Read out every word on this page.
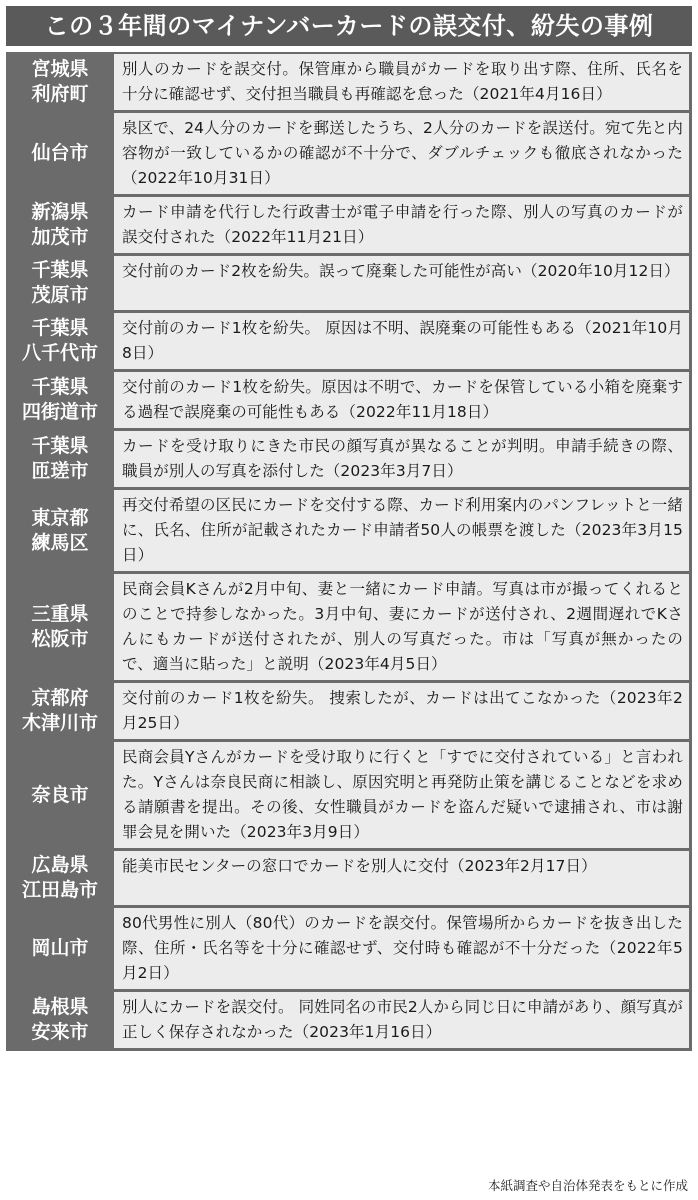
この３年間のマイナンバーカードの誤交付、紛失の事例
宮城県
利府町
別人のカードを誤交付。保管庫から職員がカードを取り出す際、住所、氏名を十分に確認せず、交付担当職員も再確認を怠った（2021年4月16日）
仙台市
泉区で、24人分のカードを郵送したうち、2人分のカードを誤送付。宛て先と内容物が一致しているかの確認が不十分で、ダブルチェックも徹底されなかった（2022年10月31日）
新潟県
加茂市
カード申請を代行した行政書士が電子申請を行った際、別人の写真のカードが誤交付された（2022年11月21日）
千葉県
茂原市
交付前のカード2枚を紛失。誤って廃棄した可能性が高い（2020年10月12日）
千葉県
八千代市
交付前のカード1枚を紛失。 原因は不明、誤廃棄の可能性もある（2021年10月8日）
千葉県
四街道市
交付前のカード1枚を紛失。原因は不明で、カードを保管している小箱を廃棄する過程で誤廃棄の可能性もある（2022年11月18日）
千葉県
匝瑳市
カードを受け取りにきた市民の顔写真が異なることが判明。申請手続きの際、職員が別人の写真を添付した（2023年3月7日）
東京都
練馬区
再交付希望の区民にカードを交付する際、カード利用案内のパンフレットと一緒に、氏名、住所が記載されたカード申請者50人の帳票を渡した（2023年3月15日）
三重県
松阪市
民商会員Kさんが2月中旬、妻と一緒にカード申請。写真は市が撮ってくれるとのことで持参しなかった。3月中旬、妻にカードが送付され、2週間遅れでKさんにもカードが送付されたが、別人の写真だった。市は「写真が無かったので、適当に貼った」と説明（2023年4月5日）
京都府
木津川市
交付前のカード1枚を紛失。 捜索したが、カードは出てこなかった（2023年2月25日）
奈良市
民商会員Yさんがカードを受け取りに行くと「すでに交付されている」と言われた。Yさんは奈良民商に相談し、原因究明と再発防止策を講じることなどを求める請願書を提出。その後、女性職員がカードを盗んだ疑いで逮捕され、市は謝罪会見を開いた（2023年3月9日）
広島県
江田島市
能美市民センターの窓口でカードを別人に交付（2023年2月17日）
岡山市
80代男性に別人（80代）のカードを誤交付。保管場所からカードを抜き出した際、住所・氏名等を十分に確認せず、交付時も確認が不十分だった（2022年5月2日）
島根県
安来市
別人にカードを誤交付。 同姓同名の市民2人から同じ日に申請があり、顔写真が正しく保存されなかった（2023年1月16日）
本紙調査や自治体発表をもとに作成
